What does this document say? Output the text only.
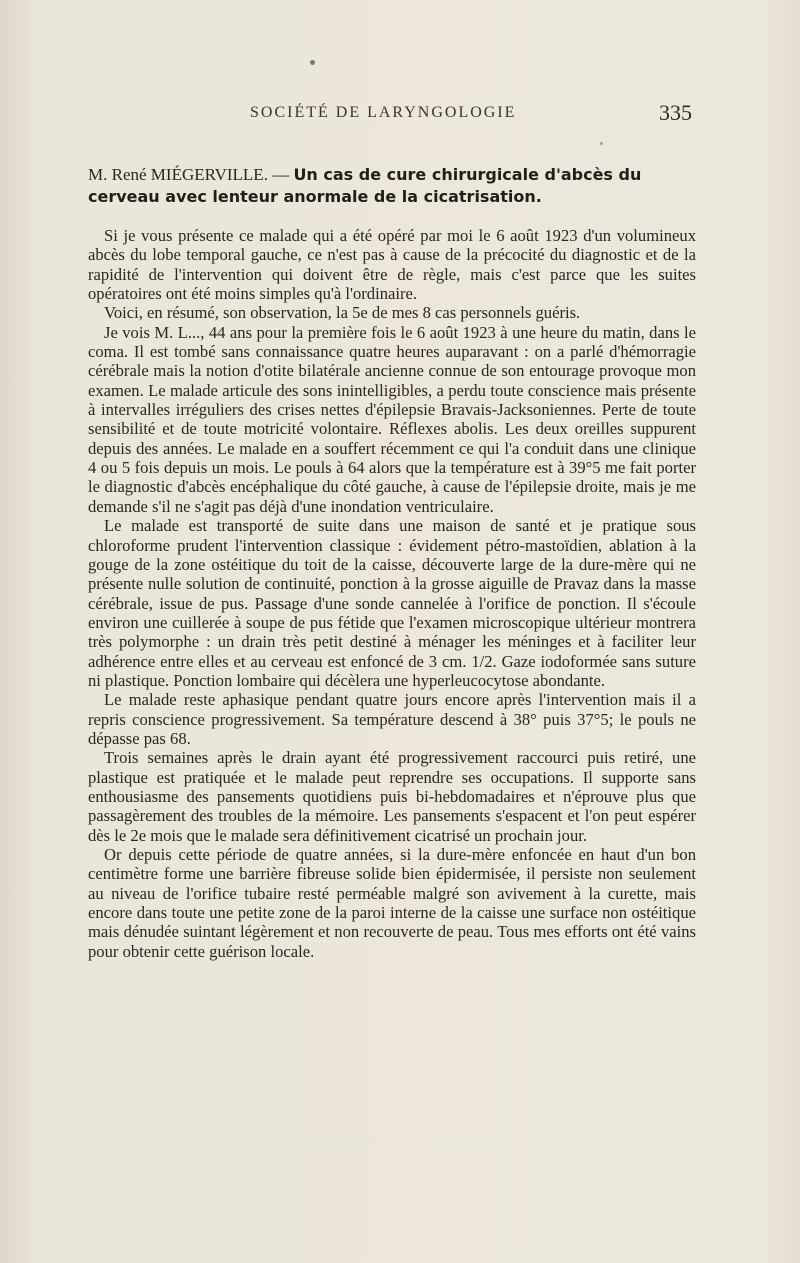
SOCIÉTÉ DE LARYNGOLOGIE	335
M. René MIÉGERVILLE. — Un cas de cure chirurgicale d'abcès du cerveau avec lenteur anormale de la cicatrisation.

Si je vous présente ce malade qui a été opéré par moi le 6 août 1923 d'un volumineux abcès du lobe temporal gauche, ce n'est pas à cause de la précocité du diagnostic et de la rapidité de l'intervention qui doivent être de règle, mais c'est parce que les suites opératoires ont été moins simples qu'à l'ordinaire.

Voici, en résumé, son observation, la 5e de mes 8 cas personnels guéris.

Je vois M. L..., 44 ans pour la première fois le 6 août 1923 à une heure du matin, dans le coma. Il est tombé sans connaissance quatre heures auparavant : on a parlé d'hémorragie cérébrale mais la notion d'otite bilatérale ancienne connue de son entourage provoque mon examen. Le malade articule des sons inintelligibles, a perdu toute conscience mais présente à intervalles irréguliers des crises nettes d'épilepsie Bravais-Jacksoniennes. Perte de toute sensibilité et de toute motricité volontaire. Réflexes abolis. Les deux oreilles suppurent depuis des années. Le malade en a souffert récemment ce qui l'a conduit dans une clinique 4 ou 5 fois depuis un mois. Le pouls à 64 alors que la température est à 39°5 me fait porter le diagnostic d'abcès encéphalique du côté gauche, à cause de l'épilepsie droite, mais je me demande s'il ne s'agit pas déjà d'une inondation ventriculaire.

Le malade est transporté de suite dans une maison de santé et je pratique sous chloroforme prudent l'intervention classique : évidement pétro-mastoïdien, ablation à la gouge de la zone ostéitique du toit de la caisse, découverte large de la dure-mère qui ne présente nulle solution de continuité, ponction à la grosse aiguille de Pravaz dans la masse cérébrale, issue de pus. Passage d'une sonde cannelée à l'orifice de ponction. Il s'écoule environ une cuillerée à soupe de pus fétide que l'examen microscopique ultérieur montrera très polymorphe : un drain très petit destiné à ménager les méninges et à faciliter leur adhérence entre elles et au cerveau est enfoncé de 3 cm. 1/2. Gaze iodoformée sans suture ni plastique. Ponction lombaire qui décèlera une hyperleucocytose abondante.

Le malade reste aphasique pendant quatre jours encore après l'intervention mais il a repris conscience progressivement. Sa température descend à 38° puis 37°5; le pouls ne dépasse pas 68.

Trois semaines après le drain ayant été progressivement raccourci puis retiré, une plastique est pratiquée et le malade peut reprendre ses occupations. Il supporte sans enthousiasme des pansements quotidiens puis bi-hebdomadaires et n'éprouve plus que passagèrement des troubles de la mémoire. Les pansements s'espacent et l'on peut espérer dès le 2e mois que le malade sera définitivement cicatrisé un prochain jour.

Or depuis cette période de quatre années, si la dure-mère enfoncée en haut d'un bon centimètre forme une barrière fibreuse solide bien épidermisée, il persiste non seulement au niveau de l'orifice tubaire resté perméable malgré son avivement à la curette, mais encore dans toute une petite zone de la paroi interne de la caisse une surface non ostéitique mais dénudée suintant légèrement et non recouverte de peau. Tous mes efforts ont été vains pour obtenir cette guérison locale.
